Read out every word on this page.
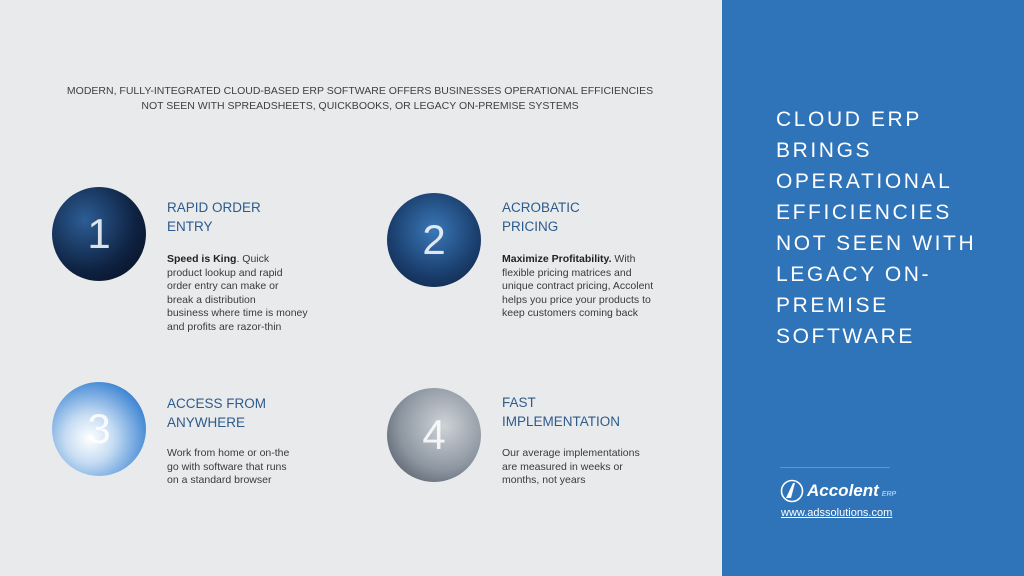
MODERN, FULLY-INTEGRATED CLOUD-BASED ERP SOFTWARE OFFERS BUSINESSES OPERATIONAL EFFICIENCIES
NOT SEEN WITH SPREADSHEETS, QUICKBOOKS, OR LEGACY ON-PREMISE SYSTEMS
1
RAPID ORDER
ENTRY
Speed is King. Quick
product lookup and rapid
order entry can make or
break a distribution
business where time is money
and profits are razor-thin
2
ACROBATIC
PRICING
Maximize Profitability. With
flexible pricing matrices and
unique contract pricing, Accolent
helps you price your products to
keep customers coming back
3
ACCESS FROM
ANYWHERE
Work from home or on-the
go with software that runs
on a standard browser
4
FAST
IMPLEMENTATION
Our average implementations
are measured in weeks or
months, not years
CLOUD ERP
BRINGS
OPERATIONAL
EFFICIENCIES
NOT SEEN WITH
LEGACY ON-
PREMISE
SOFTWARE
Accolent ERP
www.adssolutions.com
